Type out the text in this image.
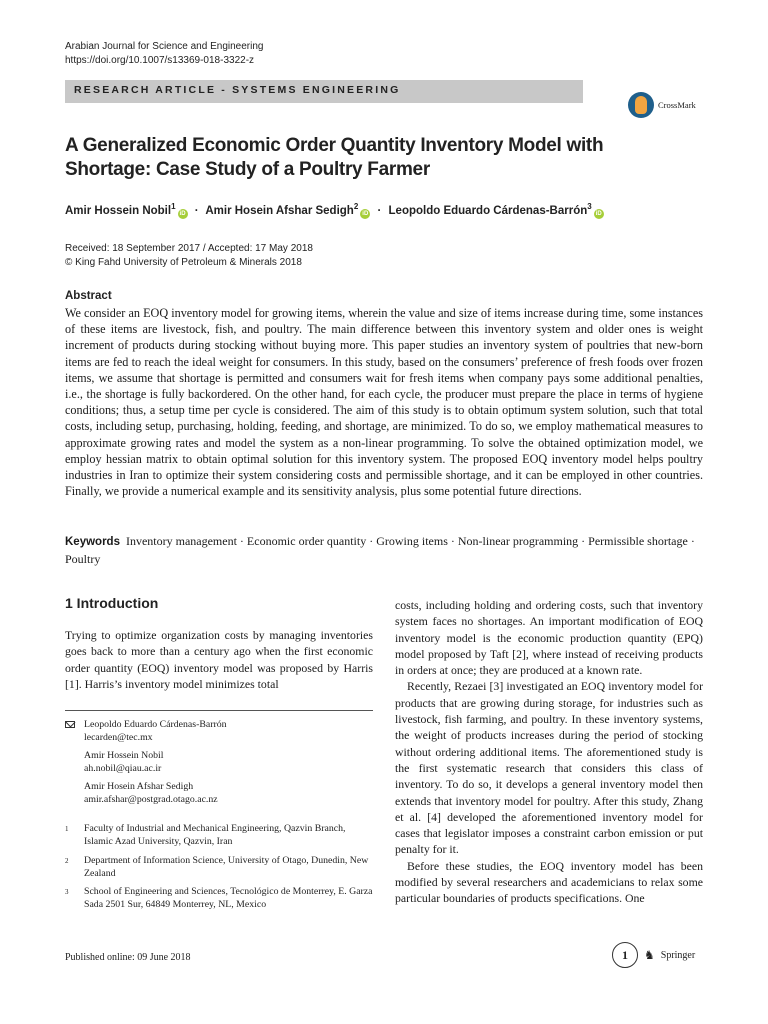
Arabian Journal for Science and Engineering
https://doi.org/10.1007/s13369-018-3322-z
RESEARCH ARTICLE - SYSTEMS ENGINEERING
CrossMark
A Generalized Economic Order Quantity Inventory Model with Shortage: Case Study of a Poultry Farmer
Amir Hossein Nobil$^1$iD · Amir Hosein Afshar Sedigh$^2$iD · Leopoldo Eduardo Cárdenas-Barrón$^3$iD
Received: 18 September 2017 / Accepted: 17 May 2018
© King Fahd University of Petroleum & Minerals 2018
Abstract
We consider an EOQ inventory model for growing items, wherein the value and size of items increase during time, some instances of these items are livestock, fish, and poultry. The main difference between this inventory system and older ones is weight increment of products during stocking without buying more. This paper studies an inventory system of poultries that new-born items are fed to reach the ideal weight for consumers. In this study, based on the consumers’ preference of fresh foods over frozen items, we assume that shortage is permitted and consumers wait for fresh items when company pays some additional penalties, i.e., the shortage is fully backordered. On the other hand, for each cycle, the producer must prepare the place in terms of hygiene conditions; thus, a setup time per cycle is considered. The aim of this study is to obtain optimum system solution, such that total costs, including setup, purchasing, holding, feeding, and shortage, are minimized. To do so, we employ mathematical measures to approximate growing rates and model the system as a non-linear programming. To solve the obtained optimization model, we employ hessian matrix to obtain optimal solution for this inventory system. The proposed EOQ inventory model helps poultry industries in Iran to optimize their system considering costs and permissible shortage, and it can be employed in other countries. Finally, we provide a numerical example and its sensitivity analysis, plus some potential future directions.
Keywords Inventory management · Economic order quantity · Growing items · Non-linear programming · Permissible shortage · Poultry
1 Introduction
Trying to optimize organization costs by managing inventories goes back to more than a century ago when the first economic order quantity (EOQ) inventory model was proposed by Harris [1]. Harris’s inventory model minimizes total

costs, including holding and ordering costs, such that inventory system faces no shortages. An important modification of EOQ inventory model is the economic production quantity (EPQ) model proposed by Taft [2], where instead of receiving products in orders at once; they are produced at a known rate.

Recently, Rezaei [3] investigated an EOQ inventory model for products that are growing during storage, for industries such as livestock, fish farming, and poultry. In these inventory systems, the weight of products increases during the period of stocking without ordering additional items. The aforementioned study is the first systematic research that considers this class of inventory. To do so, it develops a general inventory model then extends that inventory model for poultry. After this study, Zhang et al. [4] developed the aforementioned inventory model for cases that legislator imposes a constraint carbon emission or put penalty for it.

Before these studies, the EOQ inventory model has been modified by several researchers and academicians to relax some particular boundaries of products specifications. One

Leopoldo Eduardo Cárdenas-Barrón
lecarden@tec.mx
Amir Hossein Nobil
ah.nobil@qiau.ac.ir
Amir Hosein Afshar Sedigh
amir.afshar@postgrad.otago.ac.nz
1	Faculty of Industrial and Mechanical Engineering, Qazvin Branch, Islamic Azad University, Qazvin, Iran
2	Department of Information Science, University of Otago, Dunedin, New Zealand
3	School of Engineering and Sciences, Tecnológico de Monterrey, E. Garza Sada 2501 Sur, 64849 Monterrey, NL, Mexico
Published online: 09 June 2018	1	♞ Springer
